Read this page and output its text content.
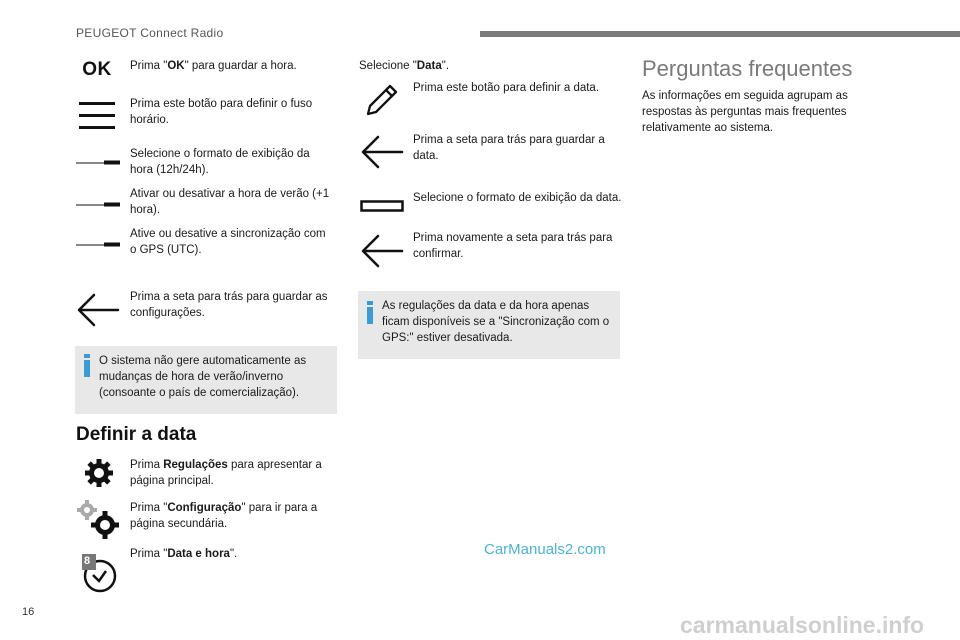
PEUGEOT Connect Radio
OK Prima "OK" para guardar a hora.
Prima este botão para definir o fuso horário.
Selecione o formato de exibição da hora (12h/24h).
Ativar ou desativar a hora de verão (+1 hora).
Ative ou desative a sincronização com o GPS (UTC).
Prima a seta para trás para guardar as configurações.
O sistema não gere automaticamente as mudanças de hora de verão/inverno (consoante o país de comercialização).
Definir a data
Prima Regulações para apresentar a página principal.
Prima "Configuração" para ir para a página secundária.
8
Prima "Data e hora".
Selecione "Data".
Prima este botão para definir a data.
Prima a seta para trás para guardar a data.
Selecione o formato de exibição da data.
Prima novamente a seta para trás para confirmar.
As regulações da data e da hora apenas ficam disponíveis se a "Sincronização com o GPS:" estiver desativada.
Perguntas frequentes
As informações em seguida agrupam as respostas às perguntas mais frequentes relativamente ao sistema.
16
CarManuals2.com
carmanualsonline.info
